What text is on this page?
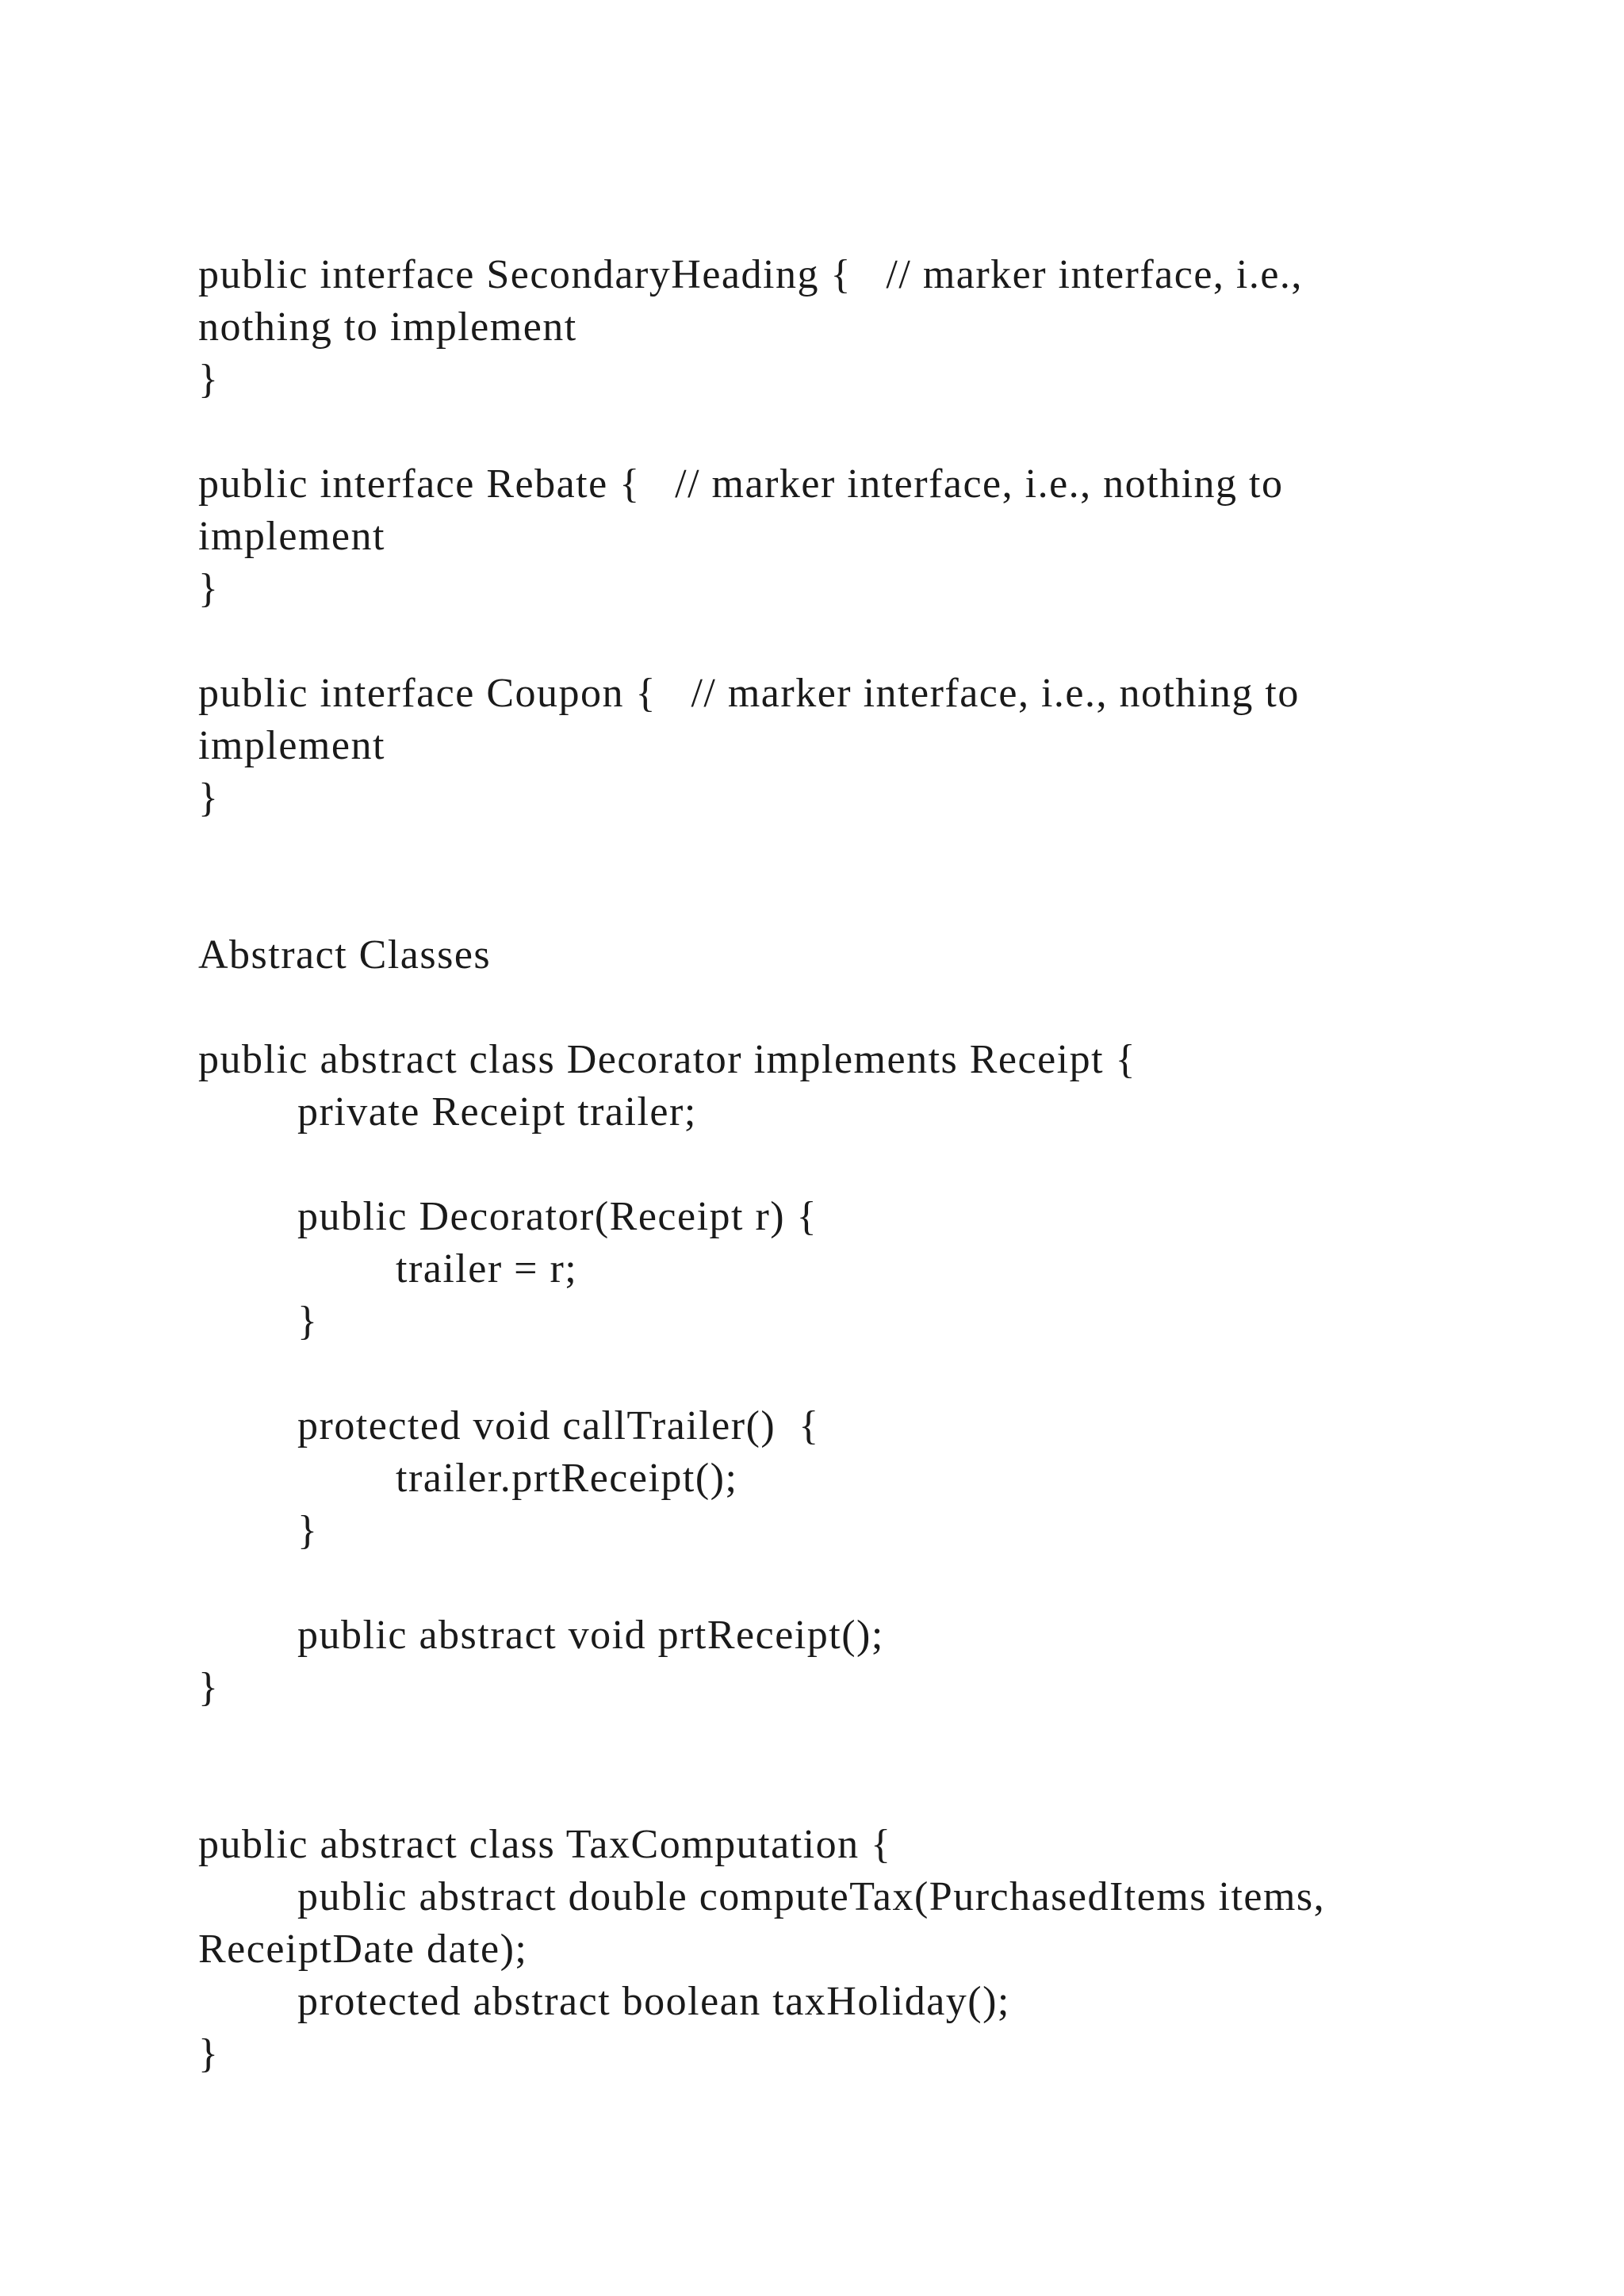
public interface SecondaryHeading {   // marker interface, i.e.,
nothing to implement
}
public interface Rebate {   // marker interface, i.e., nothing to
implement
}
public interface Coupon {   // marker interface, i.e., nothing to
implement
}
Abstract Classes
public abstract class Decorator implements Receipt {
private Receipt trailer;
public Decorator(Receipt r) {
trailer = r;
}
protected void callTrailer()  {
trailer.prtReceipt();
}
public abstract void prtReceipt();
}
public abstract class TaxComputation {
public abstract double computeTax(PurchasedItems items,
ReceiptDate date);
protected abstract boolean taxHoliday();
}
